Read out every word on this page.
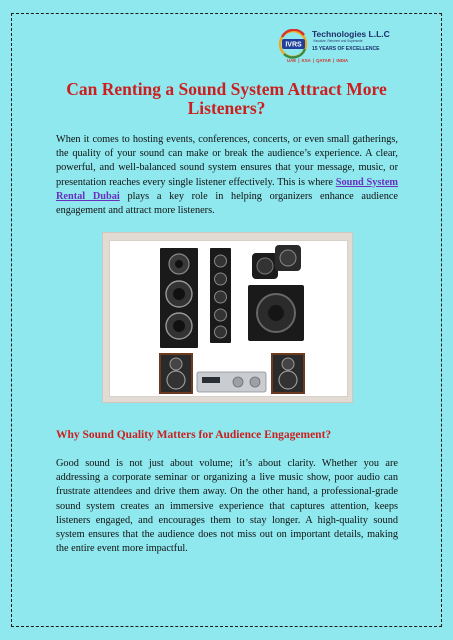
IVRS
Technologies L.L.C
Visualize, Reinvent and Supersede
15 YEARS OF EXCELLENCE
UAE | KSA | QATAR | INDIA
Can Renting a Sound System Attract More Listeners?

When it comes to hosting events, conferences, concerts, or even small gatherings, the quality of your sound can make or break the audience’s experience. A clear, powerful, and well-balanced sound system ensures that your message, music, or presentation reaches every single listener effectively. This is where Sound System Rental Dubai plays a key role in helping organizers enhance audience engagement and attract more listeners.

Why Sound Quality Matters for Audience Engagement?

Good sound is not just about volume; it’s about clarity. Whether you are addressing a corporate seminar or organizing a live music show, poor audio can frustrate attendees and drive them away. On the other hand, a professional-grade sound system creates an immersive experience that captures attention, keeps listeners engaged, and encourages them to stay longer. A high-quality sound system ensures that the audience does not miss out on important details, making the entire event more impactful.
